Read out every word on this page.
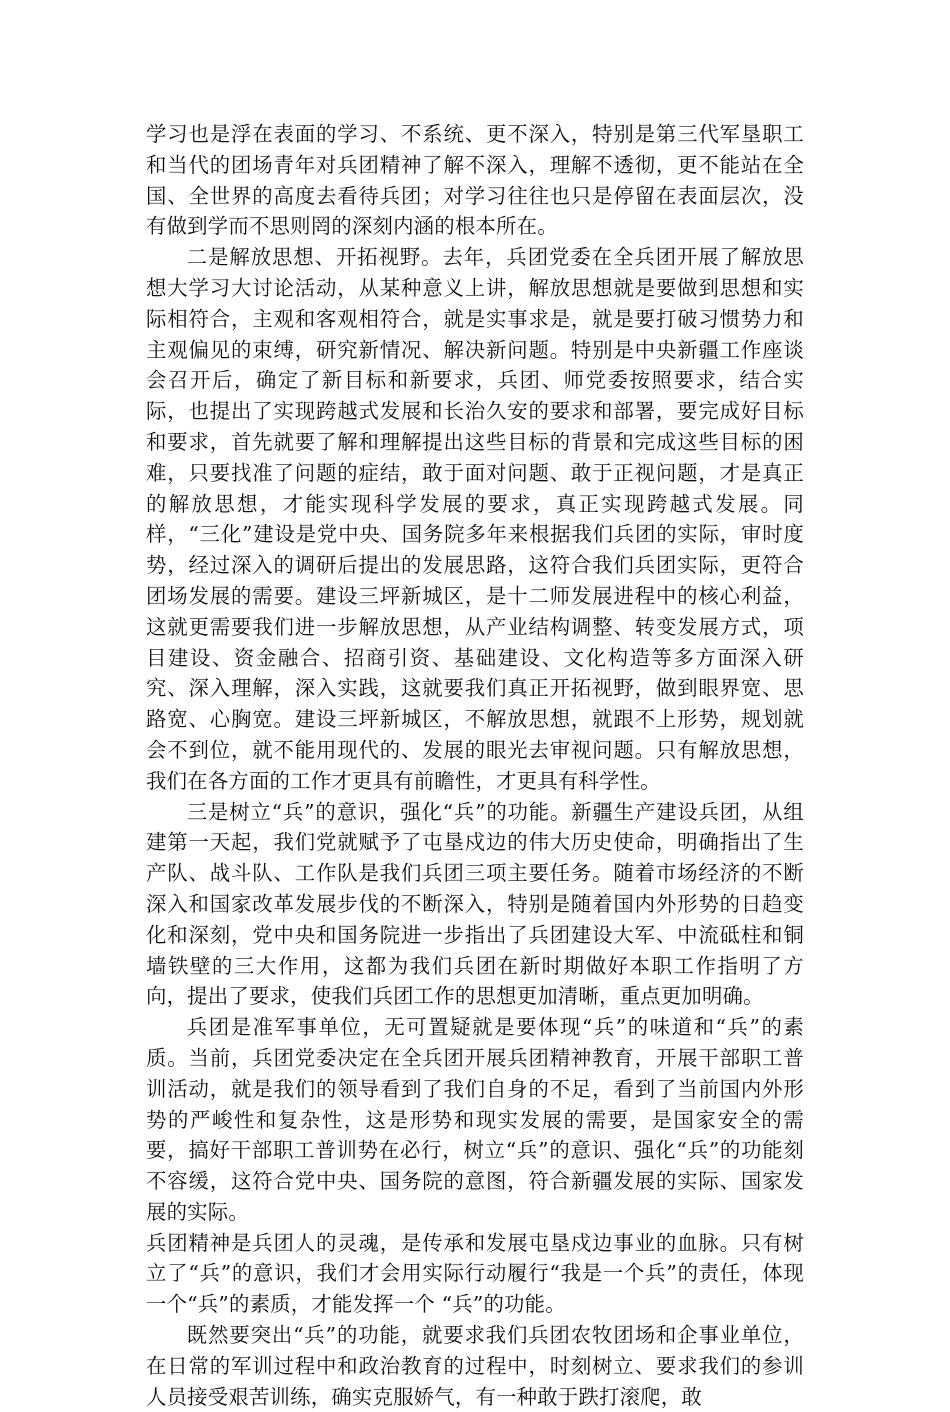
学习也是浮在表面的学习、不系统、更不深入，特别是第三代军垦职工和当代的团场青年对兵团精神了解不深入，理解不透彻，更不能站在全国、全世界的高度去看待兵团；对学习往往也只是停留在表面层次，没有做到学而不思则罔的深刻内涵的根本所在。

二是解放思想、开拓视野。去年，兵团党委在全兵团开展了解放思想大学习大讨论活动，从某种意义上讲，解放思想就是要做到思想和实际相符合，主观和客观相符合，就是实事求是，就是要打破习惯势力和主观偏见的束缚，研究新情况、解决新问题。特别是中央新疆工作座谈会召开后，确定了新目标和新要求，兵团、师党委按照要求，结合实际，也提出了实现跨越式发展和长治久安的要求和部署，要完成好目标和要求，首先就要了解和理解提出这些目标的背景和完成这些目标的困难，只要找准了问题的症结，敢于面对问题、敢于正视问题，才是真正的解放思想，才能实现科学发展的要求，真正实现跨越式发展。同样，“三化”建设是党中央、国务院多年来根据我们兵团的实际，审时度势，经过深入的调研后提出的发展思路，这符合我们兵团实际，更符合团场发展的需要。建设三坪新城区，是十二师发展进程中的核心利益，这就更需要我们进一步解放思想，从产业结构调整、转变发展方式，项目建设、资金融合、招商引资、基础建设、文化构造等多方面深入研究、深入理解，深入实践，这就要我们真正开拓视野，做到眼界宽、思路宽、心胸宽。建设三坪新城区，不解放思想，就跟不上形势，规划就会不到位，就不能用现代的、发展的眼光去审视问题。只有解放思想，我们在各方面的工作才更具有前瞻性，才更具有科学性。

三是树立“兵”的意识，强化“兵”的功能。新疆生产建设兵团，从组建第一天起，我们党就赋予了屯垦戍边的伟大历史使命，明确指出了生产队、战斗队、工作队是我们兵团三项主要任务。随着市场经济的不断深入和国家改革发展步伐的不断深入，特别是随着国内外形势的日趋变化和深刻，党中央和国务院进一步指出了兵团建设大军、中流砥柱和铜墙铁壁的三大作用，这都为我们兵团在新时期做好本职工作指明了方向，提出了要求，使我们兵团工作的思想更加清晰，重点更加明确。

兵团是准军事单位，无可置疑就是要体现“兵”的味道和“兵”的素质。当前，兵团党委决定在全兵团开展兵团精神教育，开展干部职工普训活动，就是我们的领导看到了我们自身的不足，看到了当前国内外形势的严峻性和复杂性，这是形势和现实发展的需要，是国家安全的需要，搞好干部职工普训势在必行，树立“兵”的意识、强化“兵”的功能刻不容缓，这符合党中央、国务院的意图，符合新疆发展的实际、国家发展的实际。

兵团精神是兵团人的灵魂，是传承和发展屯垦戍边事业的血脉。只有树立了“兵”的意识，我们才会用实际行动履行“我是一个兵”的责任，体现一个“兵”的素质，才能发挥一个 “兵”的功能。

既然要突出“兵”的功能，就要求我们兵团农牧团场和企事业单位，在日常的军训过程中和政治教育的过程中，时刻树立、要求我们的参训人员接受艰苦训练，确实克服娇气，有一种敢于跌打滚爬，敢
